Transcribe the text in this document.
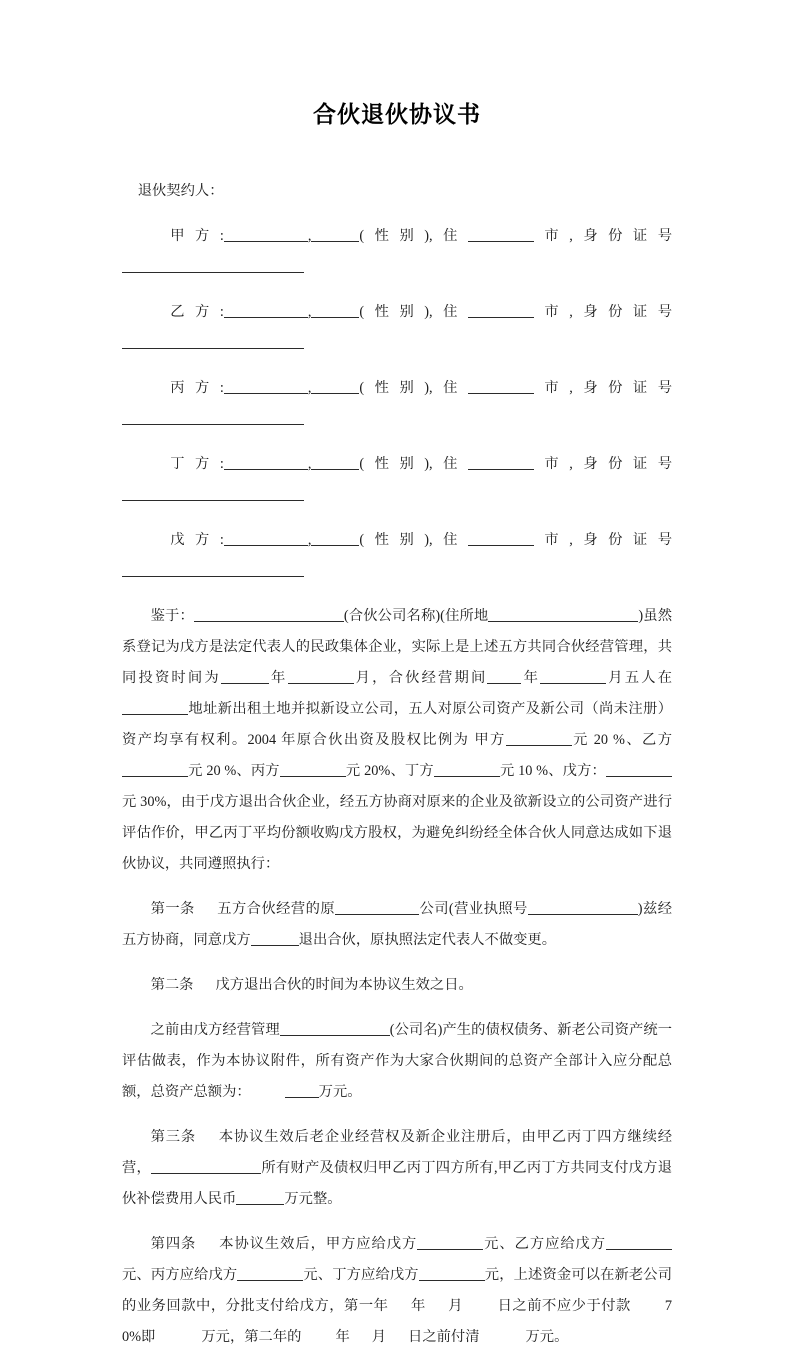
合伙退伙协议书

退伙契约人：

甲方:	,	(性别),住	市,身份证号

乙方:	,	(性别),住	市,身份证号

丙方:	,	(性别),住	市,身份证号

丁方:	,	(性别),住	市,身份证号

戊方:	,	(性别),住	市,身份证号

鉴于：	(合伙公司名称)(住所地	)虽然系登记为戊方是法定代表人的民政集体企业，实际上是上述五方共同合伙经营管理，共同投资时间为	年	月，合伙经营期间 年	月五人在地址新出租土地并拟新设立公司，五人对原公司资产及新公司（尚未注册）资产均享有权利。2004 年原合伙出资及股权比例为 甲方	元 20 %、乙方元 20 %、丙方	元 20%、丁方	元 10 %、戊方：元 30%，由于戊方退出合伙企业，经五方协商对原来的企业及欲新设立的公司资产进行评估作价，甲乙丙丁平均份额收购戊方股权，为避免纠纷经全体合伙人同意达成如下退伙协议，共同遵照执行：

第一条 五方合伙经营的原	公司(营业执照号	)兹经五方协商，同意戊方	退出合伙，原执照法定代表人不做变更。

第二条 戊方退出合伙的时间为本协议生效之日。

之前由戊方经营管理	(公司名)产生的债权债务、新老公司资产统一评估做表，作为本协议附件，所有资产作为大家合伙期间的总资产全部计入应分配总额，总资产总额为：	万元。

第三条 本协议生效后老企业经营权及新企业注册后，由甲乙丙丁四方继续经营，	所有财产及债权归甲乙丙丁四方所有,甲乙丙丁方共同支付戊方退伙补偿费用人民币	万元整。

第四条 本协议生效后，甲方应给戊方	元、乙方应给戊方元、丙方应给戊方	元、丁方应给戊方	元，上述资金可以在新老公司的业务回款中，分批支付给戊方，第一年 年 月 日之前不应少于付款 70%即	万元，第二年的 年 月 日之前付清	万元。
